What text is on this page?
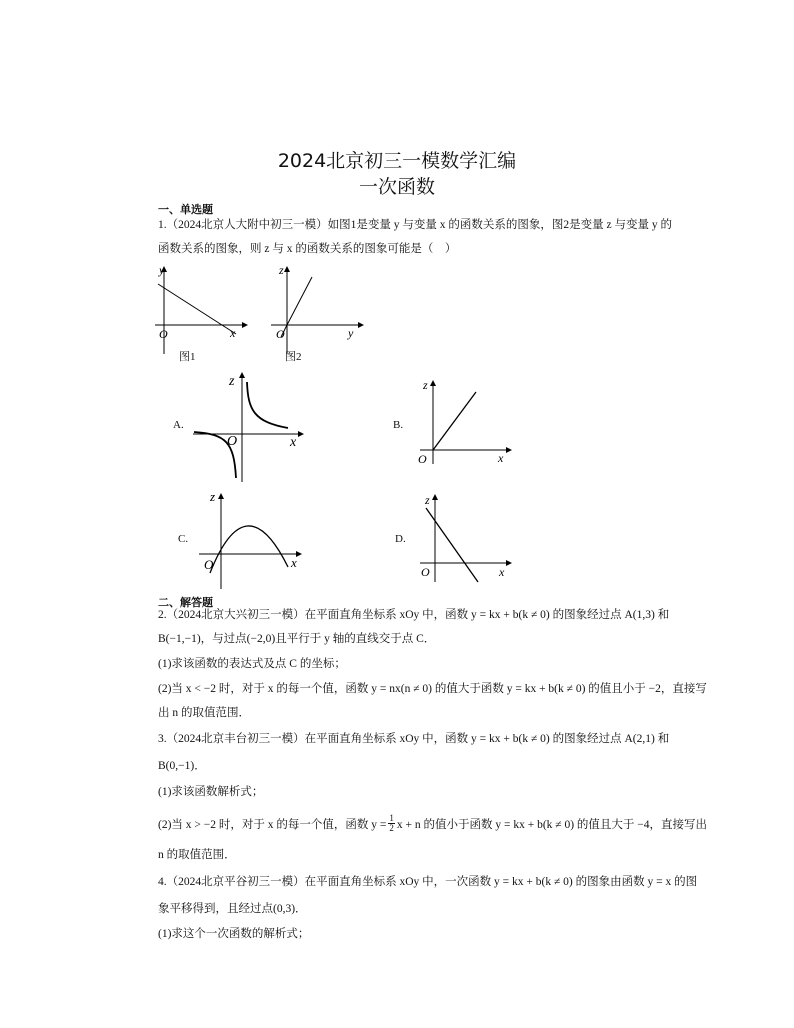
2024北京初三一模数学汇编
一次函数
一、单选题
1.（2024北京人大附中初三一模）如图1是变量 y 与变量 x 的函数关系的图象，图2是变量 z 与变量 y 的
函数关系的图象，则 z 与 x 的函数关系的图象可能是（　）
y
x
O
图1
z
y
O
图2
A.
z
x
O
B.
z
x
O
C.
z
x
O
D.
z
x
O
二、解答题
2.（2024北京大兴初三一模）在平面直角坐标系 xOy 中，函数 y = kx + b(k ≠ 0) 的图象经过点 A(1,3) 和
B(−1,−1)，与过点(−2,0)且平行于 y 轴的直线交于点 C．
(1)求该函数的表达式及点 C 的坐标；
(2)当 x < −2 时，对于 x 的每一个值，函数 y = nx(n ≠ 0) 的值大于函数 y = kx + b(k ≠ 0) 的值且小于 −2，直接写
出 n 的取值范围．
3.（2024北京丰台初三一模）在平面直角坐标系 xOy 中，函数 y = kx + b(k ≠ 0) 的图象经过点 A(2,1) 和
B(0,−1)．
(1)求该函数解析式；
(2)当 x > −2 时，对于 x 的每一个值，函数 $y = \frac{1}{2}$ x + n 的值小于函数 y = kx + b(k ≠ 0) 的值且大于 −4，直接写出
n 的取值范围．
4.（2024北京平谷初三一模）在平面直角坐标系 xOy 中，一次函数 y = kx + b(k ≠ 0) 的图象由函数 y = x 的图
象平移得到，且经过点(0,3)．
(1)求这个一次函数的解析式；
